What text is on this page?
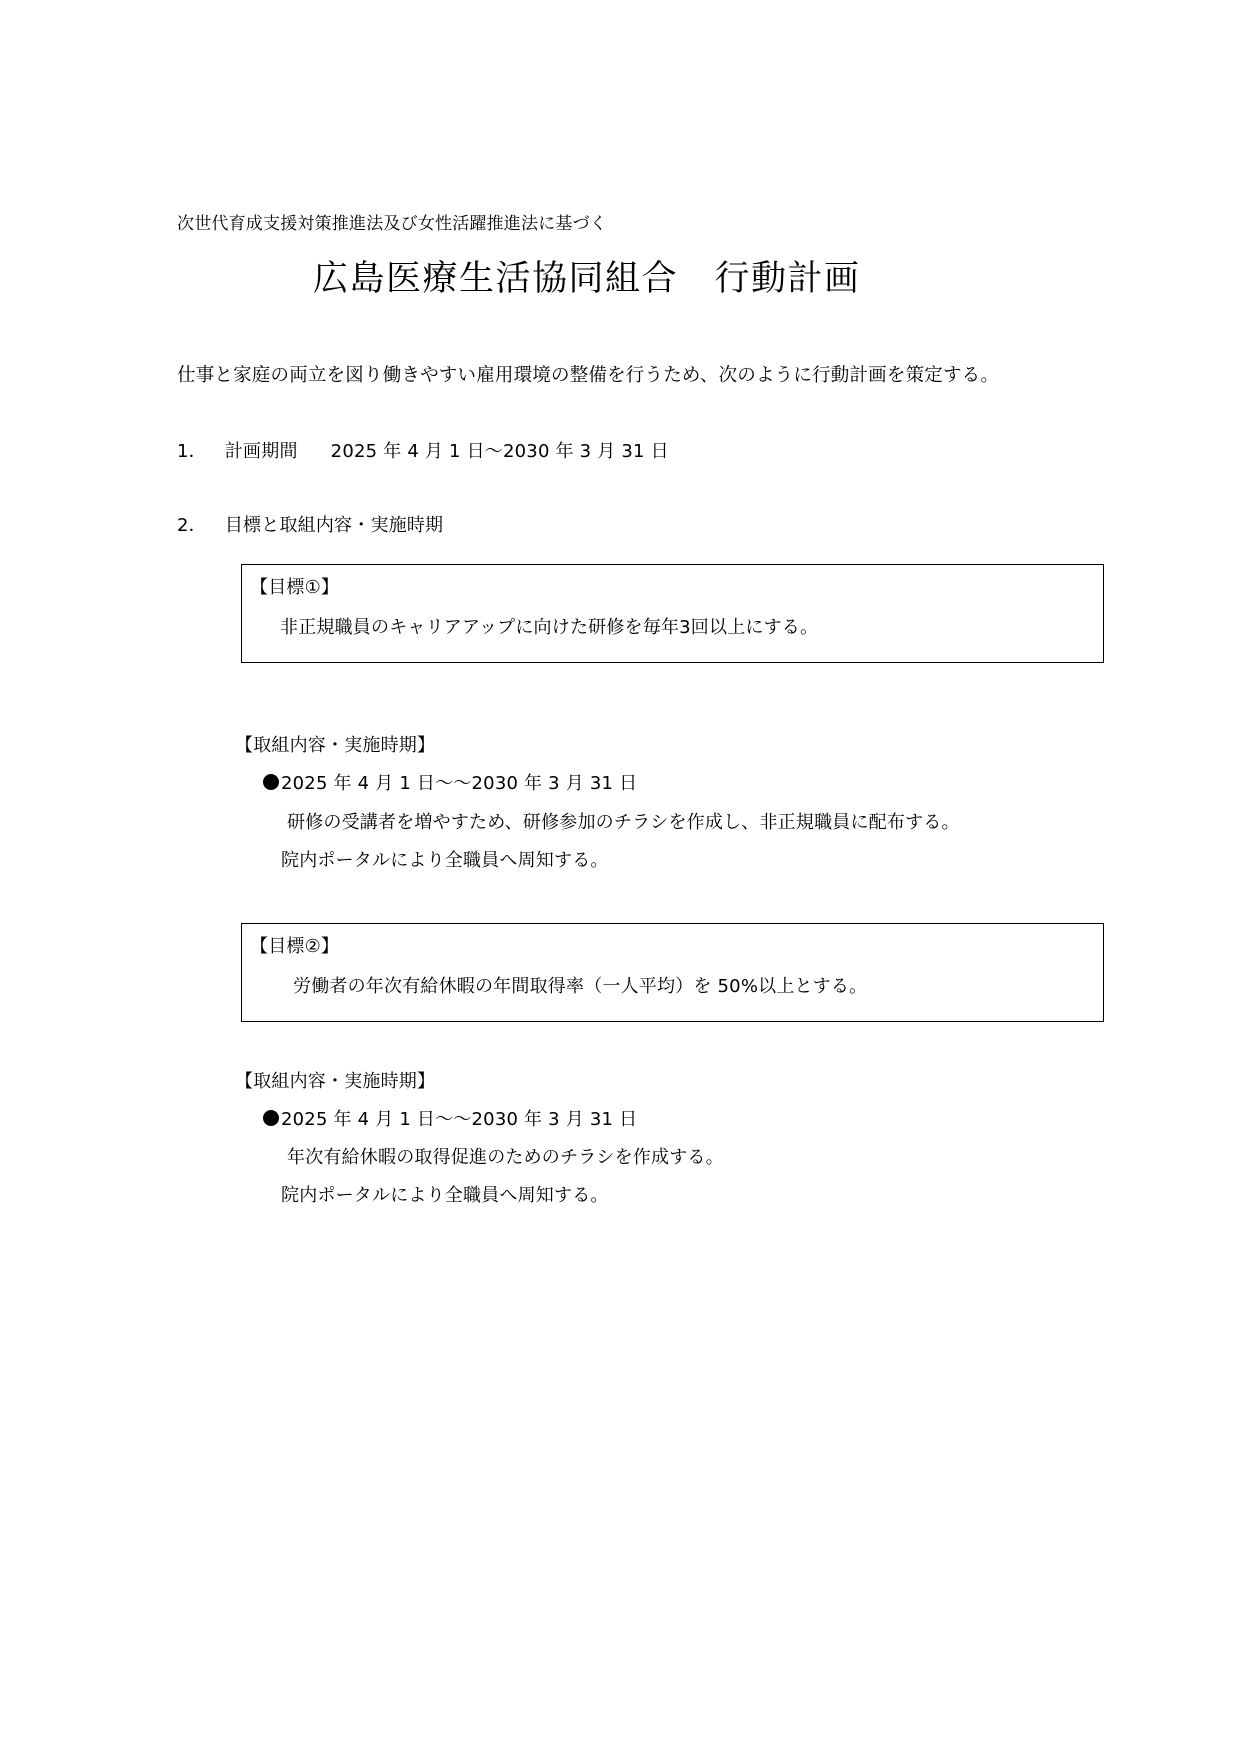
次世代育成支援対策推進法及び女性活躍推進法に基づく
広島医療生活協同組合　行動計画
仕事と家庭の両立を図り働きやすい雇用環境の整備を行うため、次のように行動計画を策定する。
1． 計画期間 2025 年 4 月 1 日～2030 年 3 月 31 日
2． 目標と取組内容・実施時期
【目標①】
非正規職員のキャリアアップに向けた研修を毎年3回以上にする。
【取組内容・実施時期】
2025 年 4 月 1 日～～2030 年 3 月 31 日
研修の受講者を増やすため、研修参加のチラシを作成し、非正規職員に配布する。
院内ポータルにより全職員へ周知する。
【目標②】
労働者の年次有給休暇の年間取得率（一人平均）を 50%以上とする。
【取組内容・実施時期】
2025 年 4 月 1 日～～2030 年 3 月 31 日
年次有給休暇の取得促進のためのチラシを作成する。
院内ポータルにより全職員へ周知する。
